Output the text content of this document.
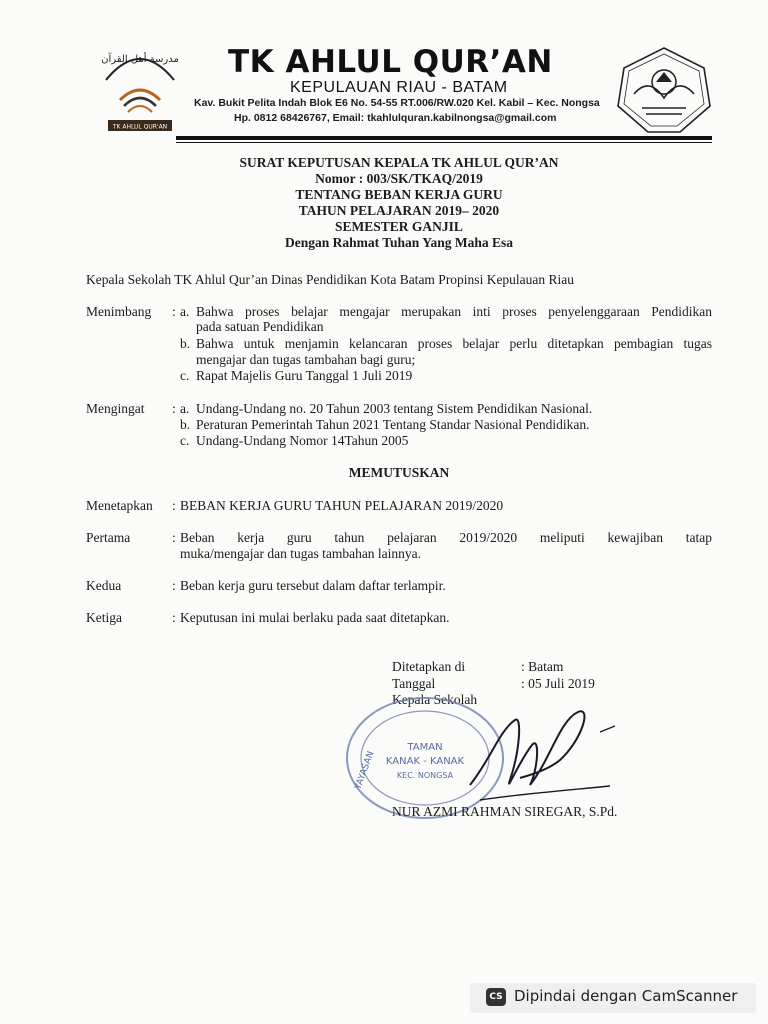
مدرسة أهل القرآن
TK AHLUL QUR'AN
TK AHLUL QUR’AN
KEPULAUAN RIAU - BATAM
Kav. Bukit Pelita Indah Blok E6 No. 54-55 RT.006/RW.020 Kel. Kabil – Kec. Nongsa
Hp. 0812 68426767, Email: tkahlulquran.kabilnongsa@gmail.com
SURAT KEPUTUSAN KEPALA TK AHLUL QUR’AN
Nomor : 003/SK/TKAQ/2019
TENTANG BEBAN KERJA GURU
TAHUN PELAJARAN 2019– 2020
SEMESTER GANJIL
Dengan Rahmat Tuhan Yang Maha Esa
Kepala Sekolah TK Ahlul Qur’an Dinas Pendidikan Kota Batam Propinsi Kepulauan Riau
Menimbang : a. Bahwa proses belajar mengajar merupakan inti proses penyelenggaraan Pendidikan
pada satuan Pendidikan
b. Bahwa untuk menjamin kelancaran proses belajar perlu ditetapkan pembagian tugas
mengajar dan tugas tambahan bagi guru;
c. Rapat Majelis Guru Tanggal 1 Juli 2019
Mengingat : a. Undang-Undang no. 20 Tahun 2003 tentang Sistem Pendidikan Nasional.
b. Peraturan Pemerintah Tahun 2021 Tentang Standar Nasional Pendidikan.
c. Undang-Undang Nomor 14Tahun 2005
MEMUTUSKAN
Menetapkan : BEBAN KERJA GURU TAHUN PELAJARAN 2019/2020
Pertama	: Beban kerja guru tahun pelajaran 2019/2020 meliputi kewajiban tatap
muka/mengajar dan tugas tambahan lainnya.
Kedua	: Beban kerja guru tersebut dalam daftar terlampir.
Ketiga	: Keputusan ini mulai berlaku pada saat ditetapkan.
Ditetapkan di	: Batam
Tanggal	: 05 Juli 2019
Kepala Sekolah
YAYASAN
TAMAN
KANAK - KANAK
KEC. NONGSA
NUR AZMI RAHMAN SIREGAR, S.Pd.
CS Dipindai dengan CamScanner
